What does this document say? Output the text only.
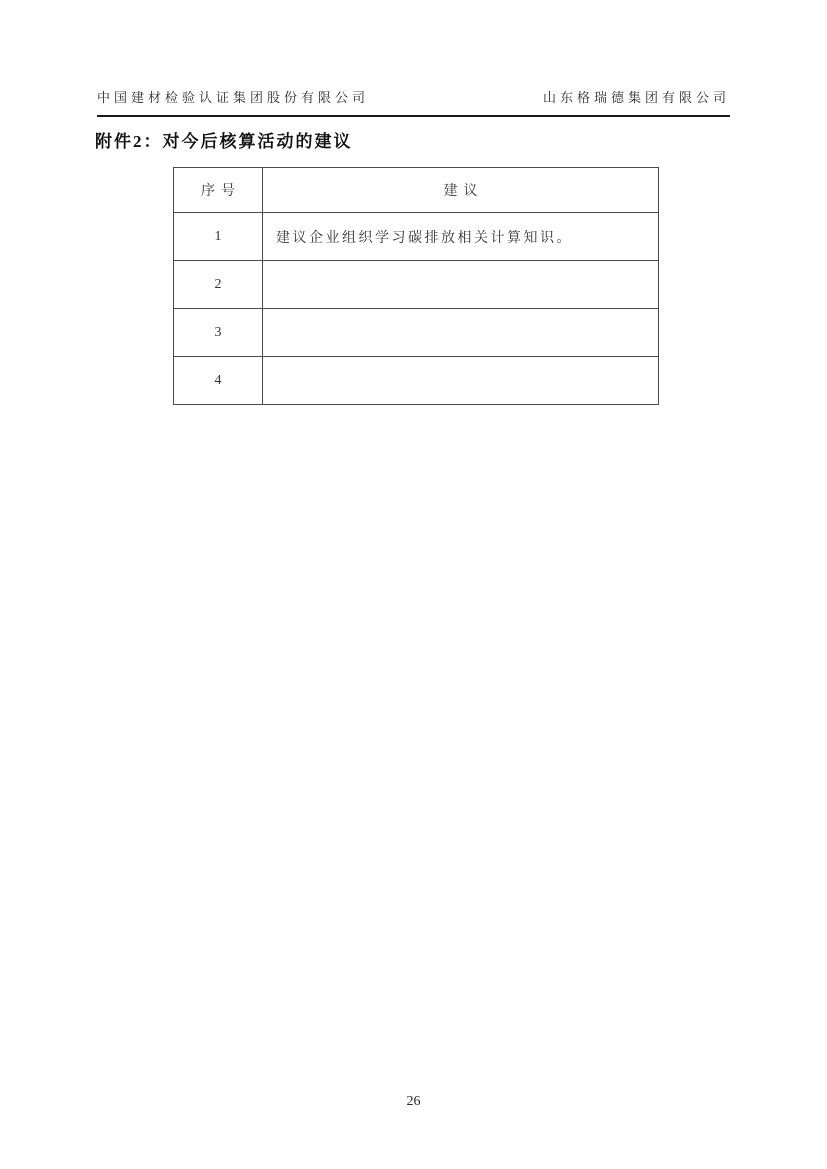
中国建材检验认证集团股份有限公司	山东格瑞德集团有限公司
附件2：对今后核算活动的建议
序号	建议
1	建议企业组织学习碳排放相关计算知识。
2	
3	
4	
26
